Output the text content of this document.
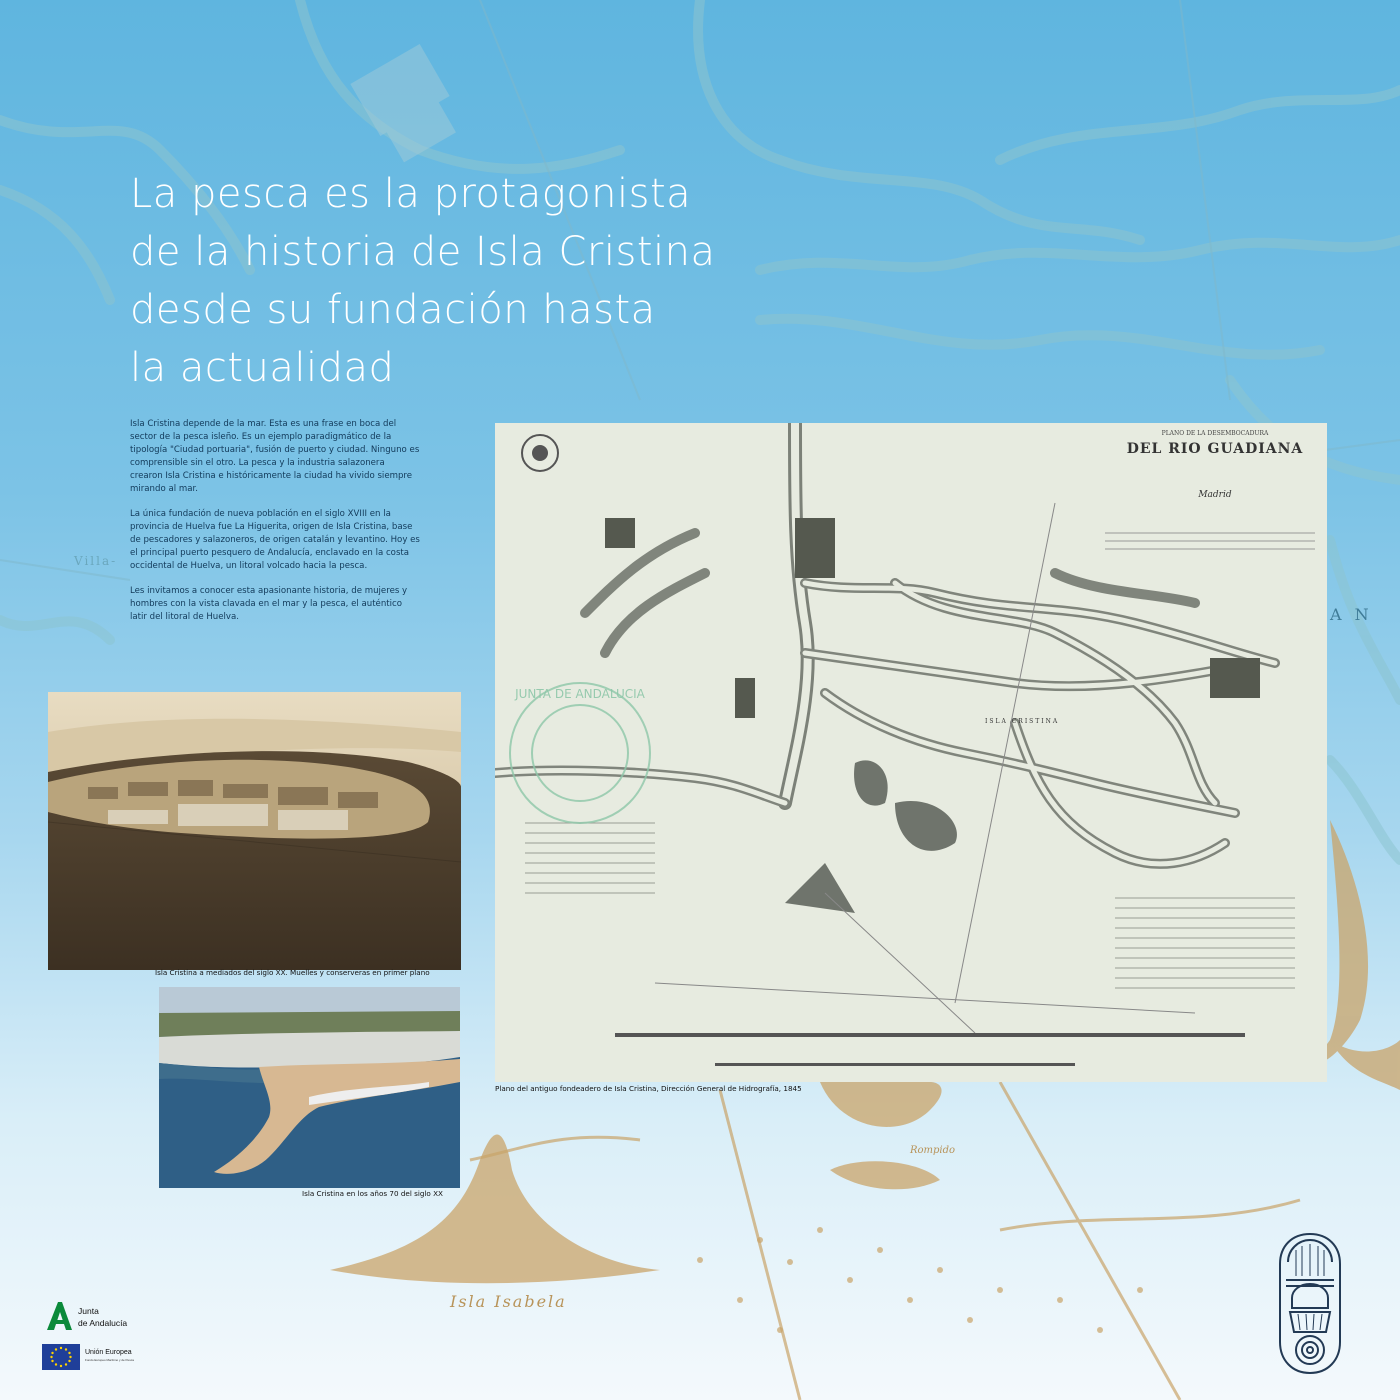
Isla Isabela
Villa-
Rompido
A N
La pesca es la protagonista
de la historia de Isla Cristina
desde su fundación hasta
la actualidad

Isla Cristina depende de la mar. Esta es una frase en boca del sector de la pesca isleño. Es un ejemplo paradigmático de la tipología "Ciudad portuaria", fusión de puerto y ciudad. Ninguno es comprensible sin el otro. La pesca y la industria salazonera crearon Isla Cristina e históricamente la ciudad ha vivido siempre mirando al mar.

La única fundación de nueva población en el siglo XVIII en la provincia de Huelva fue La Higuerita, origen de Isla Cristina, base de pescadores y salazoneros, de origen catalán y levantino. Hoy es el principal puerto pesquero de Andalucía, enclavado en la costa occidental de Huelva, un litoral volcado hacia la pesca.

Les invitamos a conocer esta apasionante historia, de mujeres y hombres con la vista clavada en el mar y la pesca, el auténtico latir del litoral de Huelva.

Isla Cristina a mediados del siglo XX. Muelles y conserveras en primer plano
Isla Cristina en los años 70 del siglo XX
PLANO DE LA DESEMBOCADURA
DEL RIO GUADIANA
Madrid
ISLA CRISTINA
JUNTA DE ANDALUCIA
Plano del antiguo fondeadero de Isla Cristina, Dirección General de Hidrografía, 1845
Junta
de Andalucía
Unión Europea
Fondo Europeo Marítimo y de Pesca
